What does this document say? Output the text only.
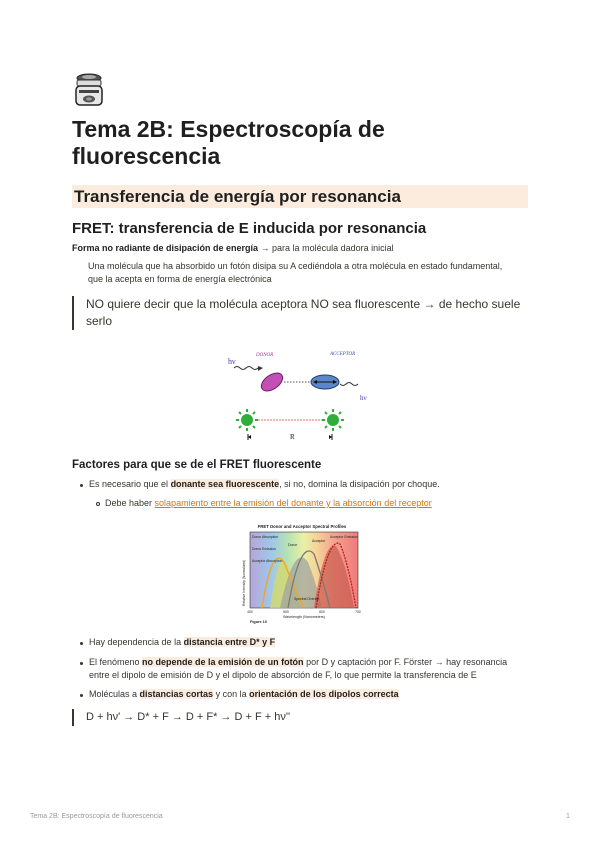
Tema 2B: Espectroscopía de fluorescencia
Transferencia de energía por resonancia
FRET: transferencia de E inducida por resonancia
Forma no radiante de disipación de energía → para la molécula dadora inicial
Una molécula que ha absorbido un fotón disipa su A cediéndola a otra molécula en estado fundamental, que la acepta en forma de energía electrónica
NO quiere decir que la molécula aceptora NO sea fluorescente → de hecho suele serlo
hν
DONOR	ACCEPTOR
hν
R
Factores para que se de el FRET fluorescente
Es necesario que el donante sea fluorescente, si no, domina la disipación por choque.
Debe haber solapamiento entre la emisión del donante y la absorción del receptor
FRET Donor and Acceptor Spectral Profiles
Donor Absorption
Donor Emission
Acceptor Absorption
Acceptor Emission
Donor
Acceptor
Spectral Overlap
400	500	600	700
Wavelength (Nanometers)
Figure 10
Relative Intensity (Normalized)
Hay dependencia de la distancia entre D* y F
El fenómeno no depende de la emisión de un fotón por D y captación por F. Förster → hay resonancia
entre el dipolo de emisión de D y el dipolo de absorción de F, lo que permite la transferencia de E
Moléculas a distancias cortas y con la orientación de los dipolos correcta
D + hν' → D* + F → D + F* → D + F + hν''
Tema 2B: Espectroscopía de fluorescencia	1
